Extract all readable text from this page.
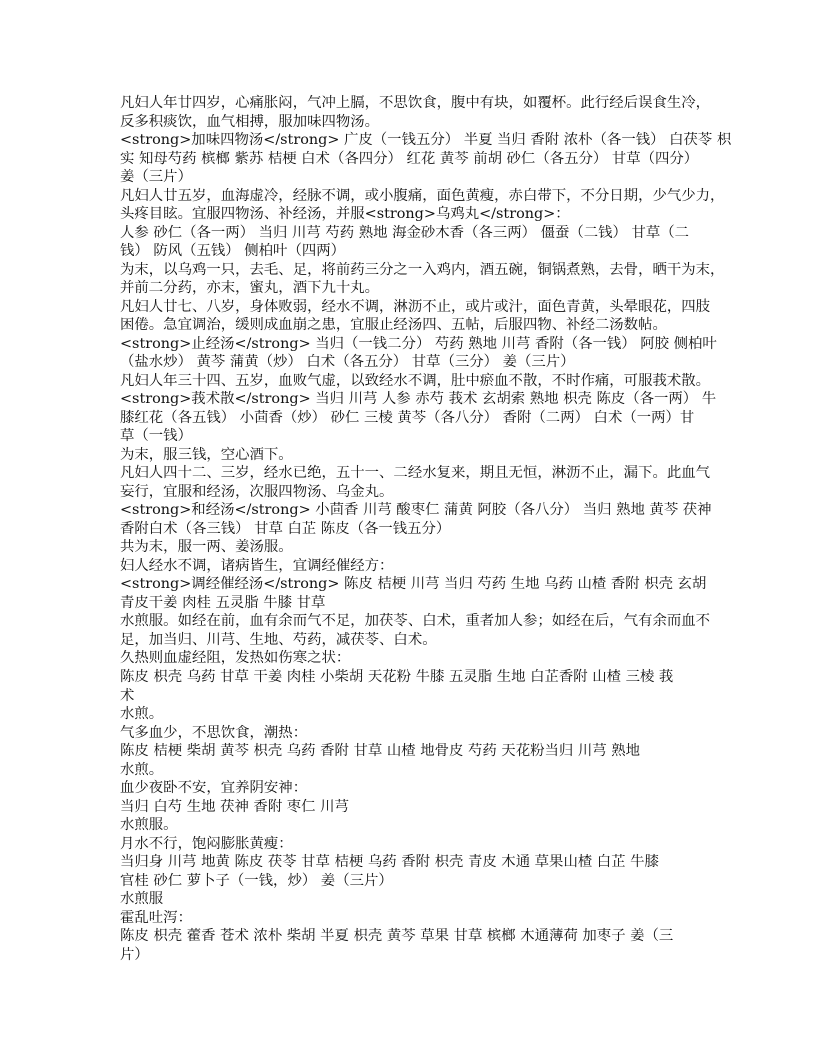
凡妇人年廿四岁，心痛胀闷，气冲上膈，不思饮食，腹中有块，如覆杯。此行经后误食生冷，
反多积痰饮，血气相搏，服加味四物汤。
<strong>加味四物汤</strong> 广皮（一钱五分） 半夏 当归 香附 浓朴（各一钱） 白茯苓 枳
实 知母芍药 槟榔 紫苏 桔梗 白术（各四分） 红花 黄芩 前胡 砂仁（各五分） 甘草（四分）
姜（三片）
凡妇人廿五岁，血海虚冷，经脉不调，或小腹痛，面色黄瘦，赤白带下，不分日期，少气少力，
头疼目眩。宜服四物汤、补经汤，并服<strong>乌鸡丸</strong>：
人参 砂仁（各一两） 当归 川芎 芍药 熟地 海金砂木香（各三两） 僵蚕（二钱） 甘草（二
钱） 防风（五钱） 侧柏叶（四两）
为末，以乌鸡一只，去毛、足，将前药三分之一入鸡内，酒五碗，铜锅煮熟，去骨，晒干为末，
并前二分药，亦末，蜜丸，酒下九十丸。
凡妇人廿七、八岁，身体败弱，经水不调，淋沥不止，或片或汁，面色青黄，头晕眼花，四肢
困倦。急宜调治，缓则成血崩之患，宜服止经汤四、五帖，后服四物、补经二汤数帖。
<strong>止经汤</strong> 当归（一钱二分） 芍药 熟地 川芎 香附（各一钱） 阿胶 侧柏叶
（盐水炒） 黄芩 蒲黄（炒） 白术（各五分） 甘草（三分） 姜（三片）
凡妇人年三十四、五岁，血败气虚，以致经水不调，肚中瘀血不散，不时作痛，可服莪术散。
<strong>莪术散</strong> 当归 川芎 人参 赤芍 莪术 玄胡索 熟地 枳壳 陈皮（各一两） 牛
膝红花（各五钱） 小茴香（炒） 砂仁 三棱 黄芩（各八分） 香附（二两） 白术（一两）甘
草（一钱）
为末，服三钱，空心酒下。
凡妇人四十二、三岁，经水已绝，五十一、二经水复来，期且无恒，淋沥不止，漏下。此血气
妄行，宜服和经汤，次服四物汤、乌金丸。
<strong>和经汤</strong> 小茴香 川芎 酸枣仁 蒲黄 阿胶（各八分） 当归 熟地 黄芩 茯神
香附白术（各三钱） 甘草 白芷 陈皮（各一钱五分）
共为末，服一两、姜汤服。
妇人经水不调，诸病皆生，宜调经催经方：
<strong>调经催经汤</strong> 陈皮 桔梗 川芎 当归 芍药 生地 乌药 山楂 香附 枳壳 玄胡
青皮干姜 肉桂 五灵脂 牛膝 甘草
水煎服。如经在前，血有余而气不足，加茯苓、白术，重者加人参；如经在后，气有余而血不
足，加当归、川芎、生地、芍药，减茯苓、白术。
久热则血虚经阻，发热如伤寒之状：
陈皮 枳壳 乌药 甘草 干姜 肉桂 小柴胡 天花粉 牛膝 五灵脂 生地 白芷香附 山楂 三棱 莪
术
水煎。
气多血少，不思饮食，潮热：
陈皮 桔梗 柴胡 黄芩 枳壳 乌药 香附 甘草 山楂 地骨皮 芍药 天花粉当归 川芎 熟地
水煎。
血少夜卧不安，宜养阴安神：
当归 白芍 生地 茯神 香附 枣仁 川芎
水煎服。
月水不行，饱闷膨胀黄瘦：
当归身 川芎 地黄 陈皮 茯苓 甘草 桔梗 乌药 香附 枳壳 青皮 木通 草果山楂 白芷 牛膝
官桂 砂仁 萝卜子（一钱，炒） 姜（三片）
水煎服
霍乱吐泻：
陈皮 枳壳 藿香 苍术 浓朴 柴胡 半夏 枳壳 黄芩 草果 甘草 槟榔 木通薄荷 加枣子 姜（三
片）
